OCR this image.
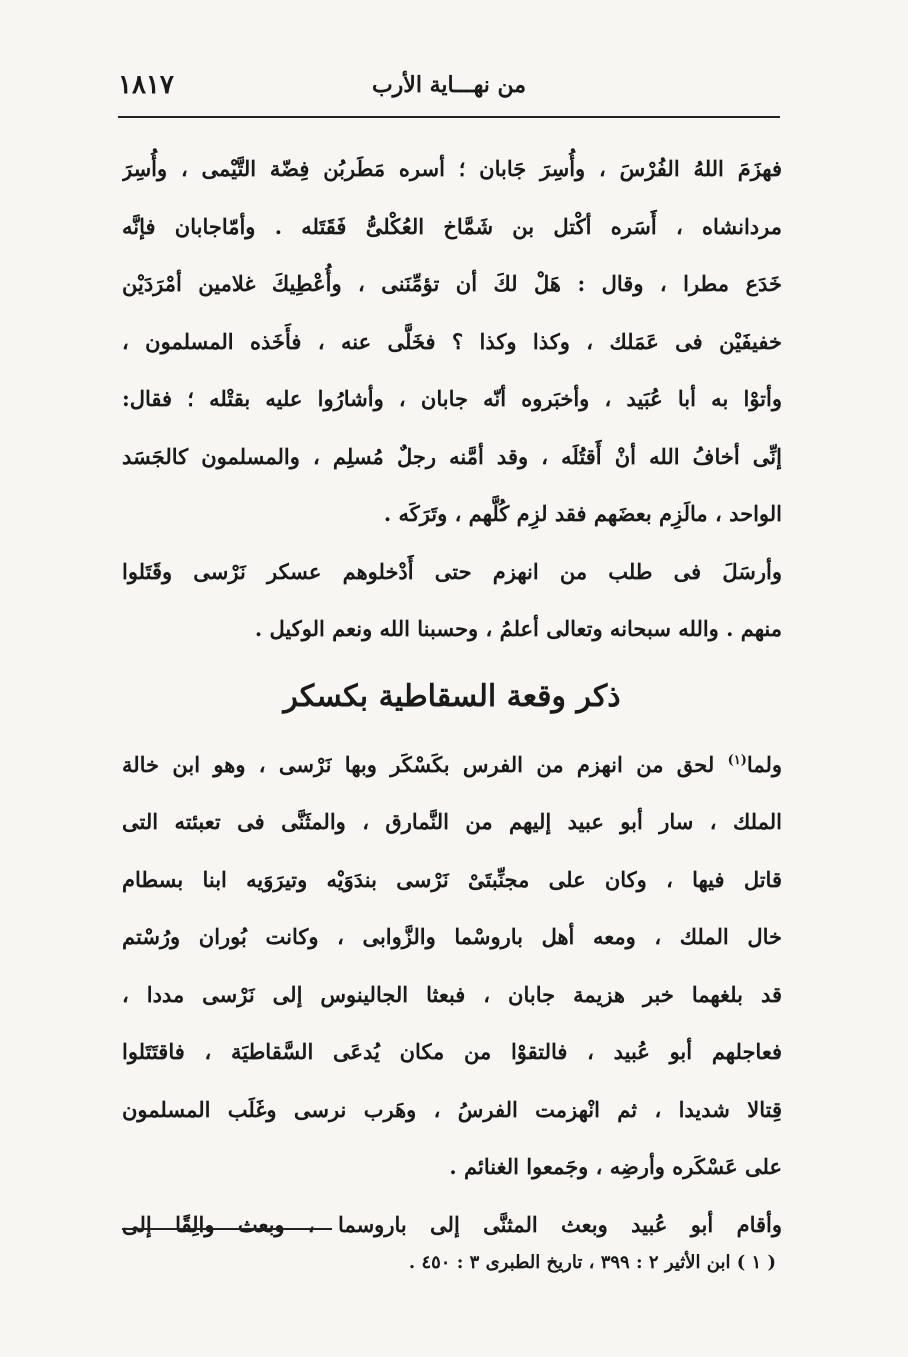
١٨١٧	من نهـــاية الأرب
فهزَمَ اللهُ الفُرْسَ ، وأُسِرَ جَابان ؛ أسره مَطَربُن فِضّة التَّيْمى ، وأُسِرَ
مردانشاه ، أَسَره أكْتل بن شَمَّاخ العُكْلىُّ فَقَتَله . وأمّاجابان فإنَّه
خَدَع مطرا ، وقال : هَلْ لكَ أن تؤمِّنَنى ، وأُعْطِيكَ غلامين أمْرَدَيْن
خفيفَيْن فى عَمَلك ، وكذا وكذا ؟ فخَلَّى عنه ، فأَخَذه المسلمون ،
وأتوْا به أبا عُبَيد ، وأخبَروه أنّه جابان ، وأشارُوا عليه بقتْله ؛ فقال:
إنِّى أخافُ الله أنْ أَقتُلَه ، وقد أمَّنه رجلٌ مُسلِم ، والمسلمون كالجَسَد
الواحد ، مالَزِم بعضَهم فقد لزِم كُلَّهم ، وتَرَكَه .
وأرسَلَ فى طلب من انهزم حتى أَدْخلوهم عسكر نَرْسى وقَتَلوا
منهم . والله سبحانه وتعالى أعلمُ ، وحسبنا الله ونعم الوكيل .
ذكر وقعة السقاطية بكسكر
ولما$^{(١)}$ لحق من انهزم من الفرس بكَسْكَر وبها نَرْسى ، وهو ابن خالة
الملك ، سار أبو عبيد إليهم من النَّمارق ، والمثَنَّى فى تعبئته التى
قاتل فيها ، وكان على مجنِّبتَىْ نَرْسى بندَوَيْه وتيرَوَيه ابنا بسطام
خال الملك ، ومعه أهل باروسْما والزَّوابى ، وكانت بُوران ورُسْتم
قد بلغهما خبر هزيمة جابان ، فبعثا الجالينوس إلى نَرْسى مددا ،
فعاجلهم أبو عُبيد ، فالتقوْا من مكان يُدعَى السَّقاطيَة ، فاقتَتَلوا
قِتالا شديدا ، ثم انْهزمت الفرسُ ، وهَرب نرسى وغَلَب المسلمون
على عَسْكَره وأرضِه ، وجَمعوا الغنائم .
وأقام أبو عُبيد وبعث المثنَّى إلى باروسما ، وبعث والِقًا إلى
( ١ ) ابن الأثير ٢ : ٣٩٩ ، تاريخ الطبرى ٣ : ٤٥٠ .
